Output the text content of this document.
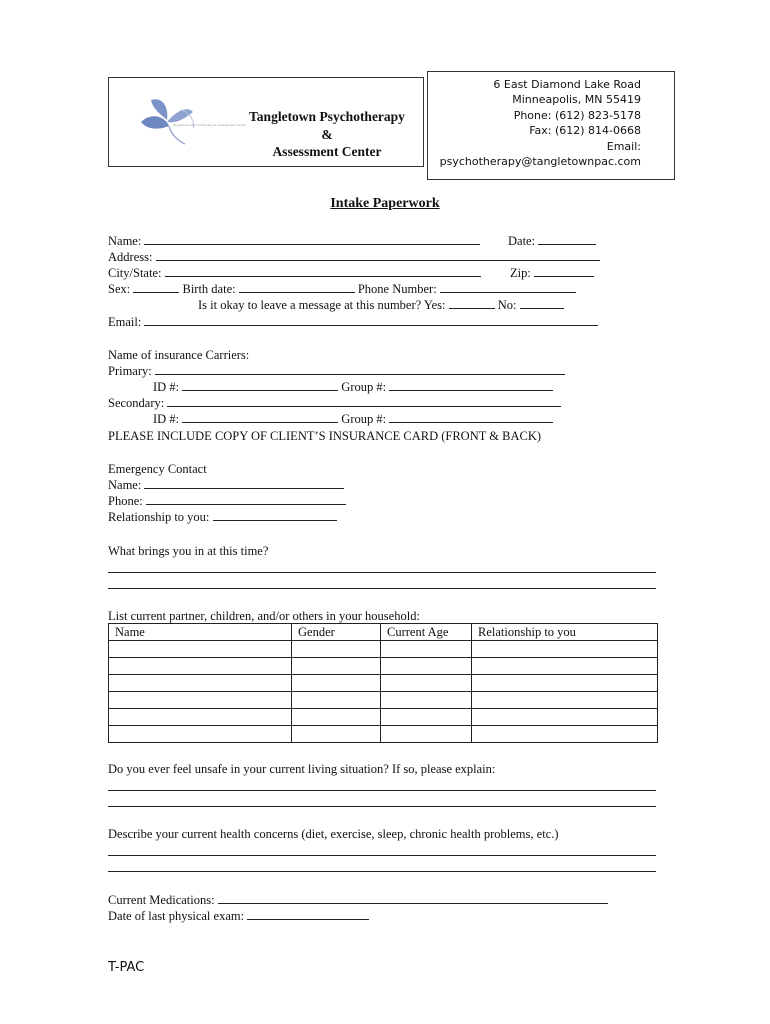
Tangletown Psychotherapy & Assessment Center
Tangletown Psychotherapy
&
Assessment Center
6 East Diamond Lake Road
Minneapolis, MN 55419
Phone: (612) 823-5178
Fax: (612) 814-0668
Email:
psychotherapy@tangletownpac.com
Intake Paperwork
Name:	Date:
Address:
City/State:	Zip:
Sex:	Birth date:	Phone Number:
Is it okay to leave a message at this number? Yes:	No:
Email:
Name of insurance Carriers:
Primary:
ID #:	Group #:
Secondary:
ID #:	Group #:
PLEASE INCLUDE COPY OF CLIENT’S INSURANCE CARD (FRONT & BACK)
Emergency Contact
Name:
Phone:
Relationship to you:
What brings you in at this time?
List current partner, children, and/or others in your household:
Name	Gender	Current Age	Relationship to you

Do you ever feel unsafe in your current living situation? If so, please explain:
Describe your current health concerns (diet, exercise, sleep, chronic health problems, etc.)
Current Medications:
Date of last physical exam:
T-PAC
